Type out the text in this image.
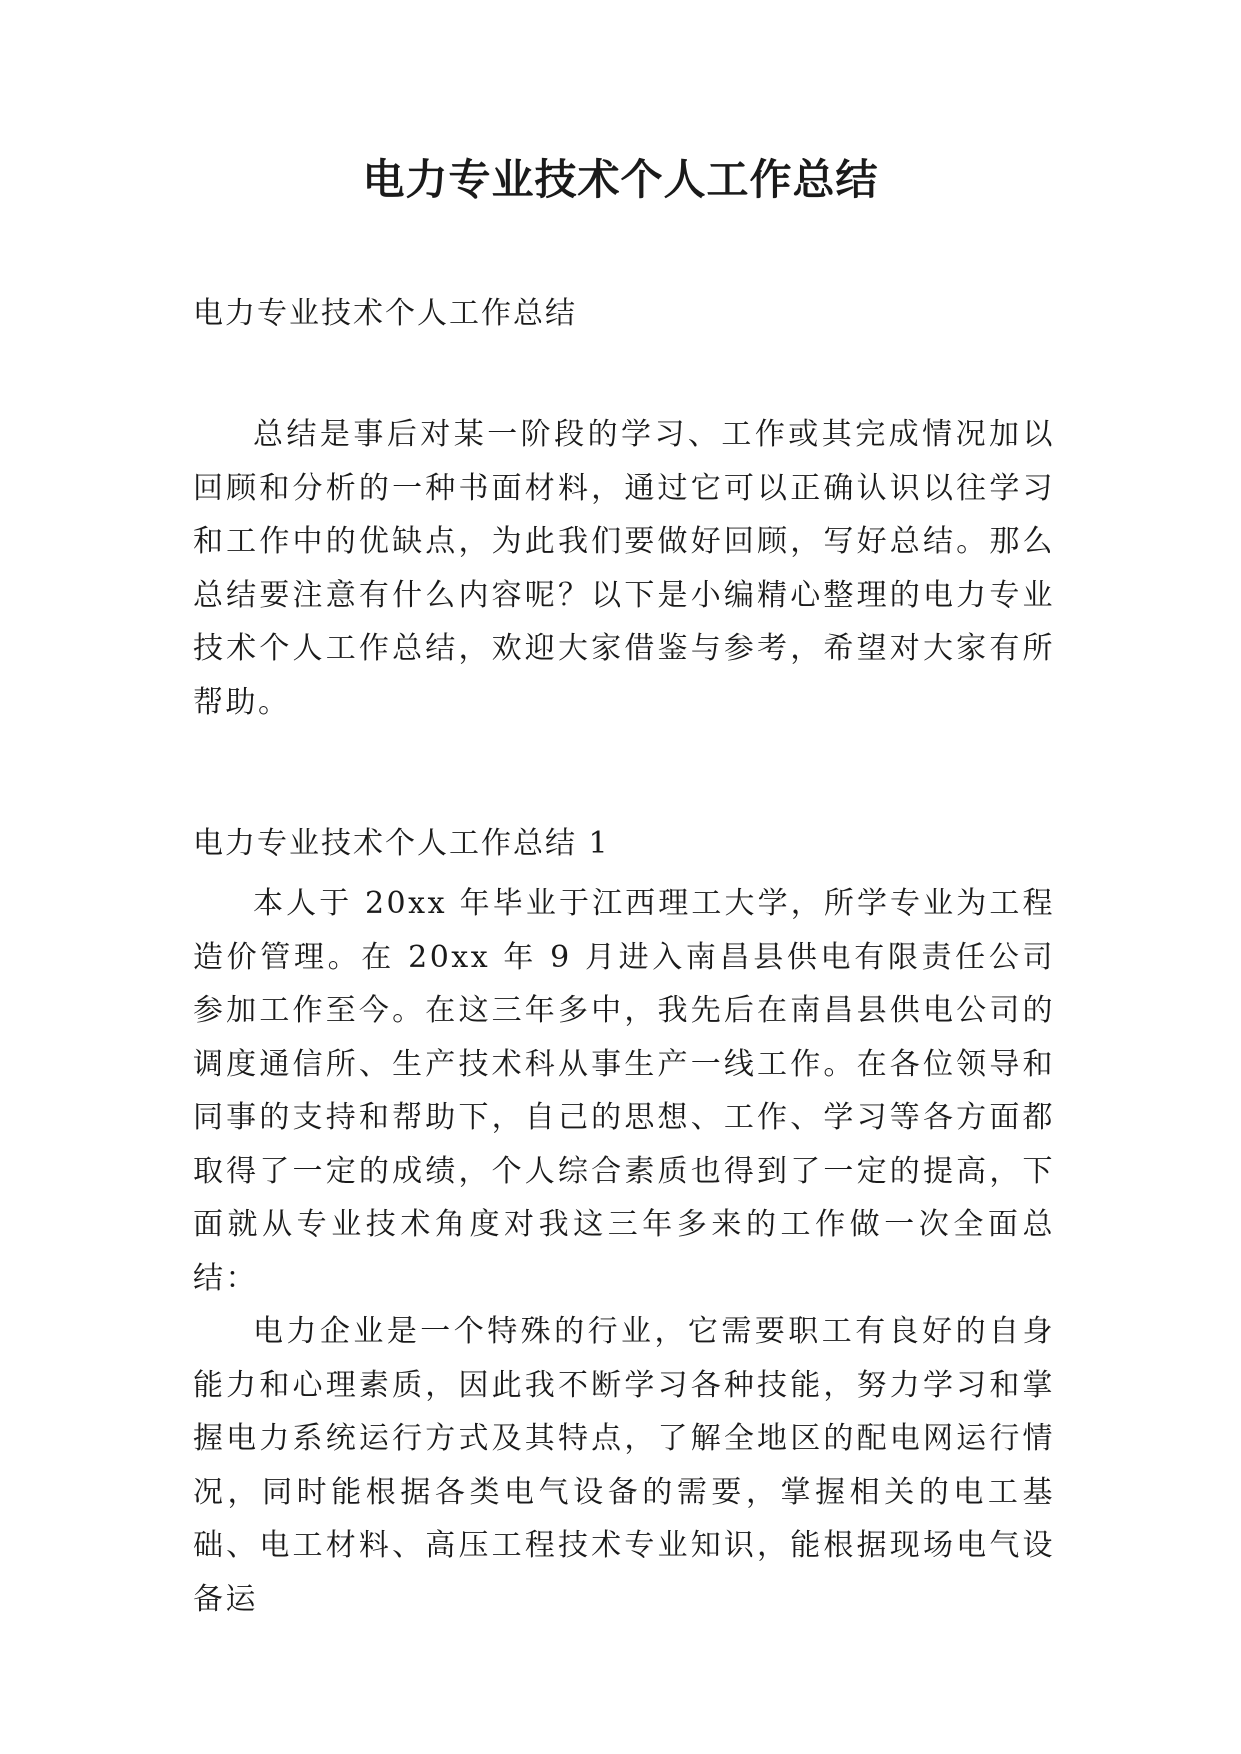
电力专业技术个人工作总结

电力专业技术个人工作总结

总结是事后对某一阶段的学习、工作或其完成情况加以回顾和分析的一种书面材料，通过它可以正确认识以往学习和工作中的优缺点，为此我们要做好回顾，写好总结。那么总结要注意有什么内容呢？以下是小编精心整理的电力专业技术个人工作总结，欢迎大家借鉴与参考，希望对大家有所帮助。

电力专业技术个人工作总结 1

本人于 20xx 年毕业于江西理工大学，所学专业为工程造价管理。在 20xx 年 9 月进入南昌县供电有限责任公司参加工作至今。在这三年多中，我先后在南昌县供电公司的调度通信所、生产技术科从事生产一线工作。在各位领导和同事的支持和帮助下，自己的思想、工作、学习等各方面都取得了一定的成绩，个人综合素质也得到了一定的提高，下面就从专业技术角度对我这三年多来的工作做一次全面总结：

电力企业是一个特殊的行业，它需要职工有良好的自身能力和心理素质，因此我不断学习各种技能，努力学习和掌握电力系统运行方式及其特点，了解全地区的配电网运行情况，同时能根据各类电气设备的需要，掌握相关的电工基础、电工材料、高压工程技术专业知识，能根据现场电气设备运
